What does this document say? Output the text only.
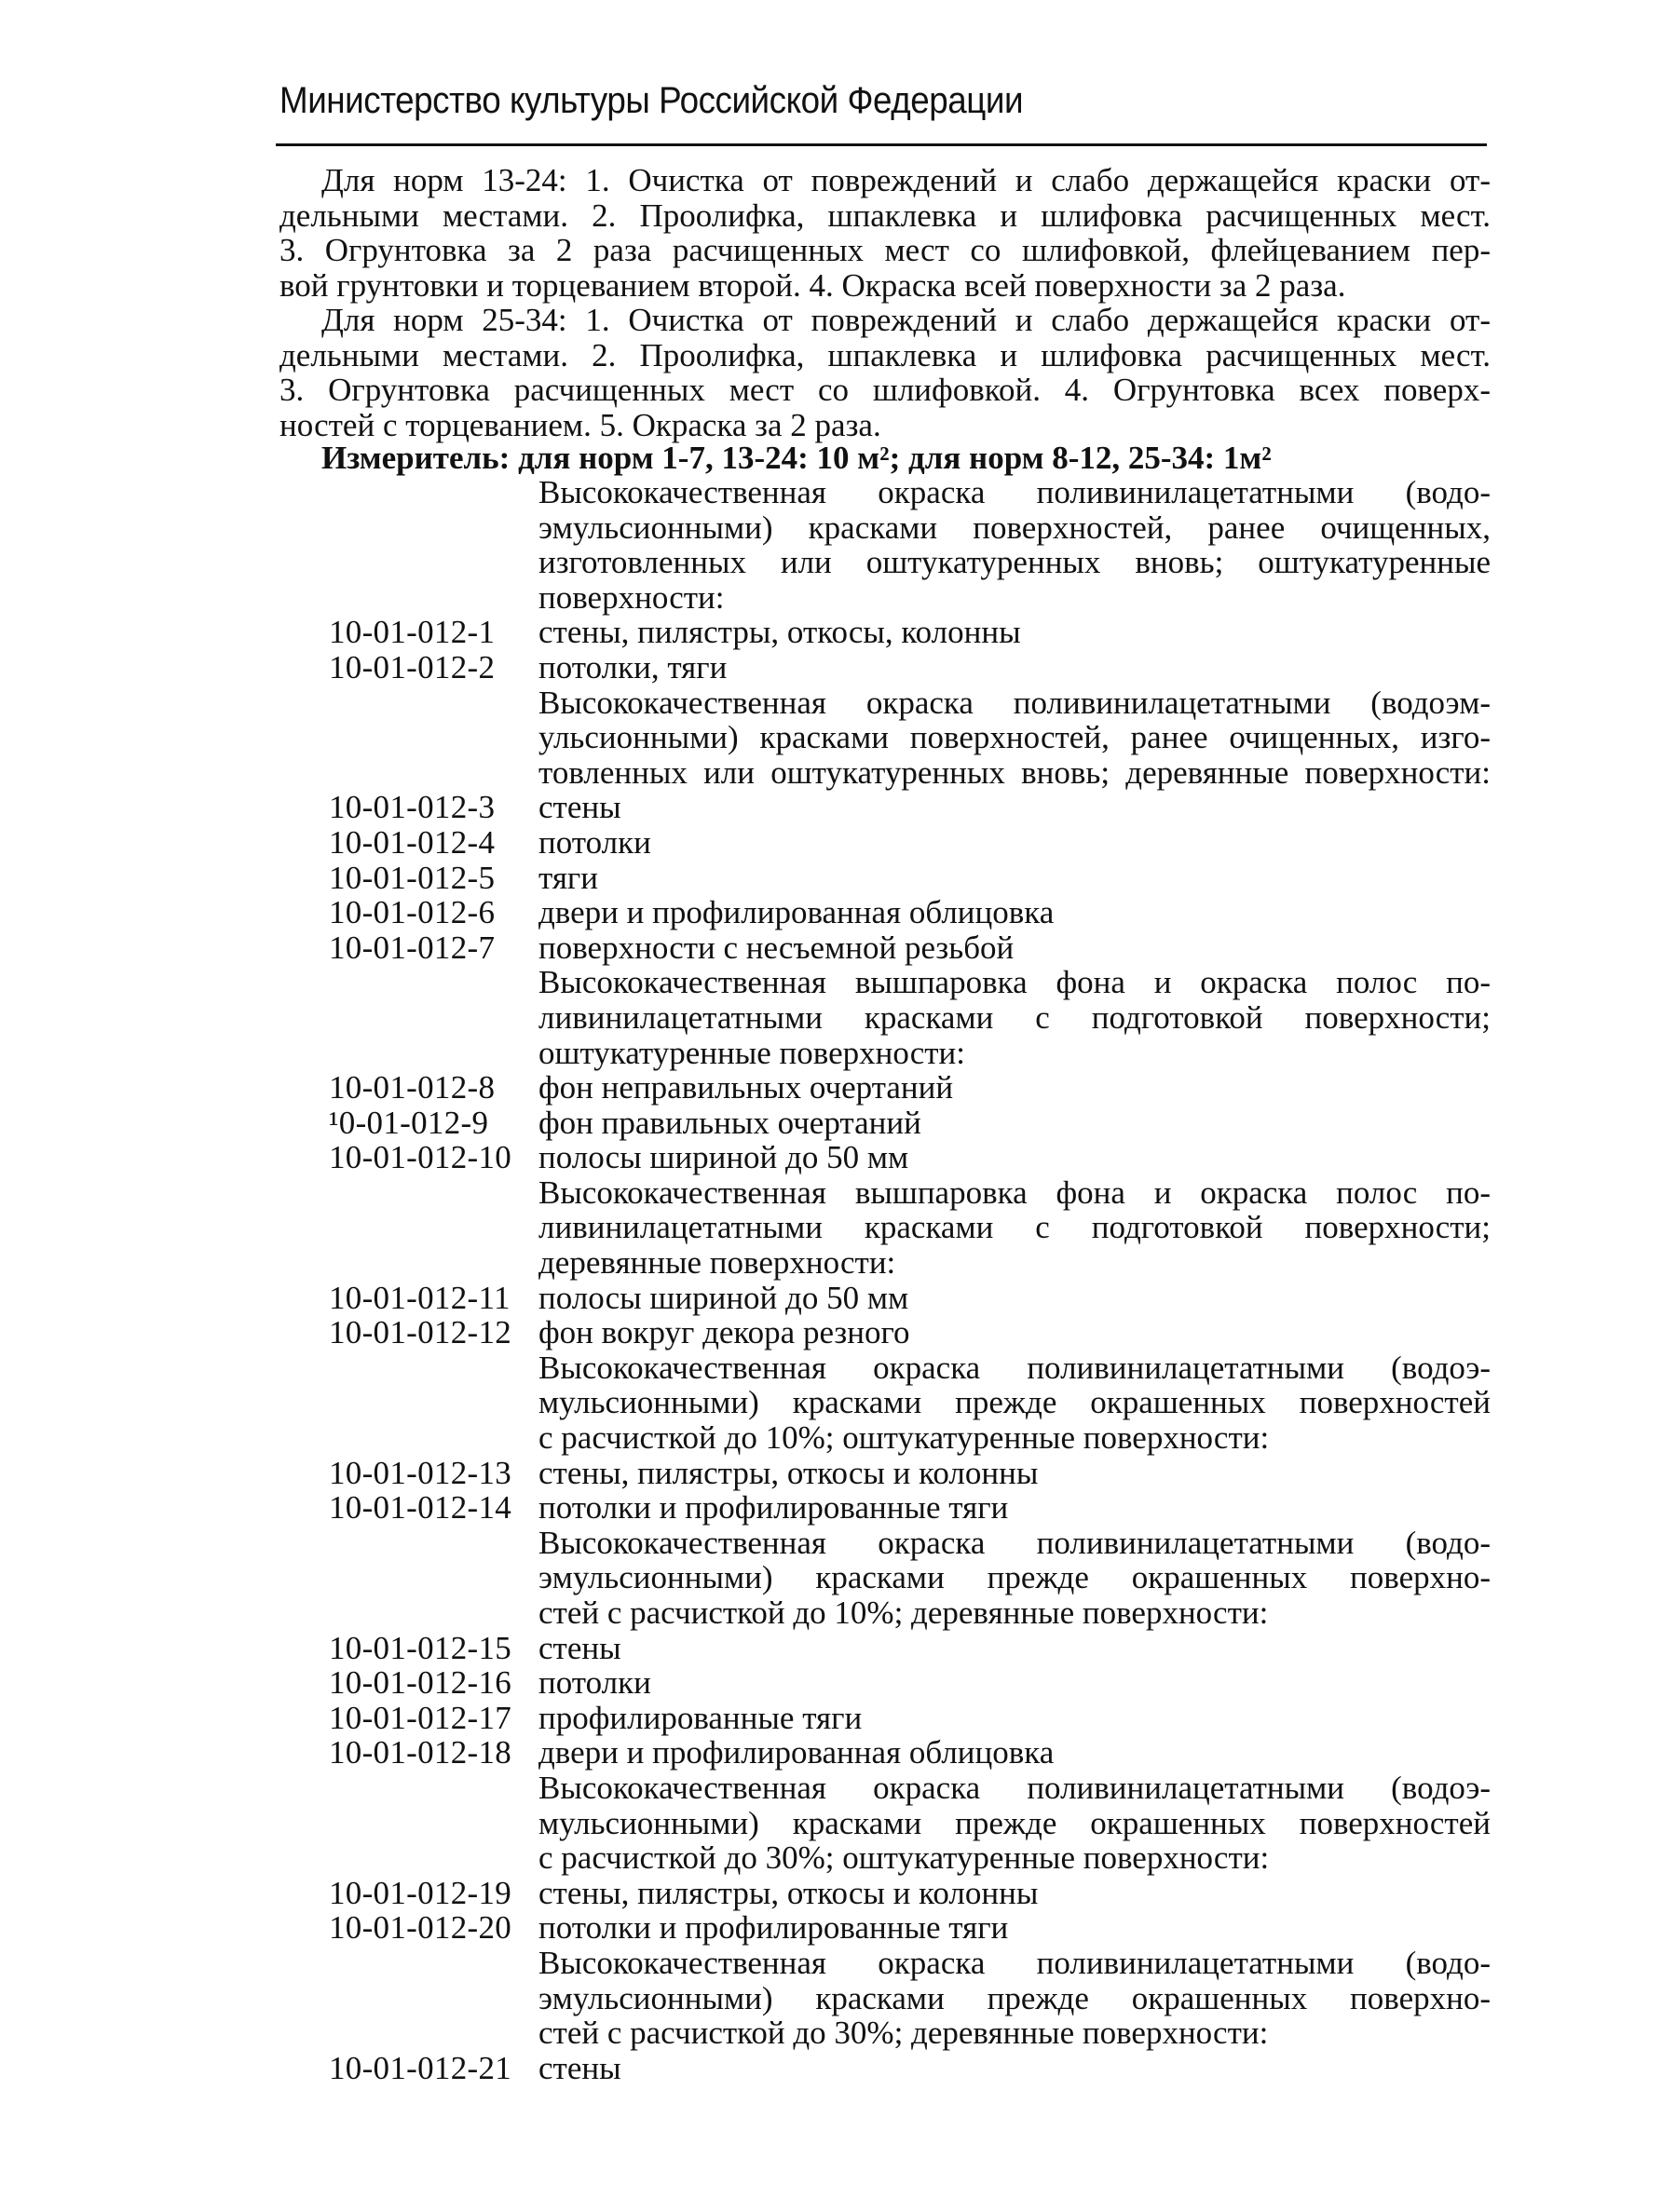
Министерство культуры Российской Федерации
Для норм 13-24: 1. Очистка от повреждений и слабо держащейся краски от-
дельными местами. 2. Проолифка, шпаклевка и шлифовка расчищенных мест.
3. Огрунтовка за 2 раза расчищенных мест со шлифовкой, флейцеванием пер-
вой грунтовки и торцеванием второй. 4. Окраска всей поверхности за 2 раза.
Для норм 25-34: 1. Очистка от повреждений и слабо держащейся краски от-
дельными местами. 2. Проолифка, шпаклевка и шлифовка расчищенных мест.
3. Огрунтовка расчищенных мест со шлифовкой. 4. Огрунтовка всех поверх-
ностей с торцеванием. 5. Окраска за 2 раза.
Измеритель: для норм 1-7, 13-24: 10 м²; для норм 8-12, 25-34: 1м²
Высококачественная окраска поливинилацетатными (водо-
эмульсионными) красками поверхностей, ранее очищенных,
изготовленных или оштукатуренных вновь; оштукатуренные
поверхности:
10-01-012-1 стены, пилястры, откосы, колонны
10-01-012-2 потолки, тяги
Высококачественная окраска поливинилацетатными (водоэм-
ульсионными) красками поверхностей, ранее очищенных, изго-
товленных или оштукатуренных вновь; деревянные поверхности:
10-01-012-3 стены
10-01-012-4 потолки
10-01-012-5 тяги
10-01-012-6 двери и профилированная облицовка
10-01-012-7 поверхности с несъемной резьбой
Высококачественная вышпаровка фона и окраска полос по-
ливинилацетатными красками с подготовкой поверхности;
оштукатуренные поверхности:
10-01-012-8 фон неправильных очертаний
¹0-01-012-9 фон правильных очертаний
10-01-012-10 полосы шириной до 50 мм
Высококачественная вышпаровка фона и окраска полос по-
ливинилацетатными красками с подготовкой поверхности;
деревянные поверхности:
10-01-012-11 полосы шириной до 50 мм
10-01-012-12 фон вокруг декора резного
Высококачественная окраска поливинилацетатными (водоэ-
мульсионными) красками прежде окрашенных поверхностей
с расчисткой до 10%; оштукатуренные поверхности:
10-01-012-13 стены, пилястры, откосы и колонны
10-01-012-14 потолки и профилированные тяги
Высококачественная окраска поливинилацетатными (водо-
эмульсионными) красками прежде окрашенных поверхно-
стей с расчисткой до 10%; деревянные поверхности:
10-01-012-15 стены
10-01-012-16 потолки
10-01-012-17 профилированные тяги
10-01-012-18 двери и профилированная облицовка
Высококачественная окраска поливинилацетатными (водоэ-
мульсионными) красками прежде окрашенных поверхностей
с расчисткой до 30%; оштукатуренные поверхности:
10-01-012-19 стены, пилястры, откосы и колонны
10-01-012-20 потолки и профилированные тяги
Высококачественная окраска поливинилацетатными (водо-
эмульсионными) красками прежде окрашенных поверхно-
стей с расчисткой до 30%; деревянные поверхности:
10-01-012-21 стены
